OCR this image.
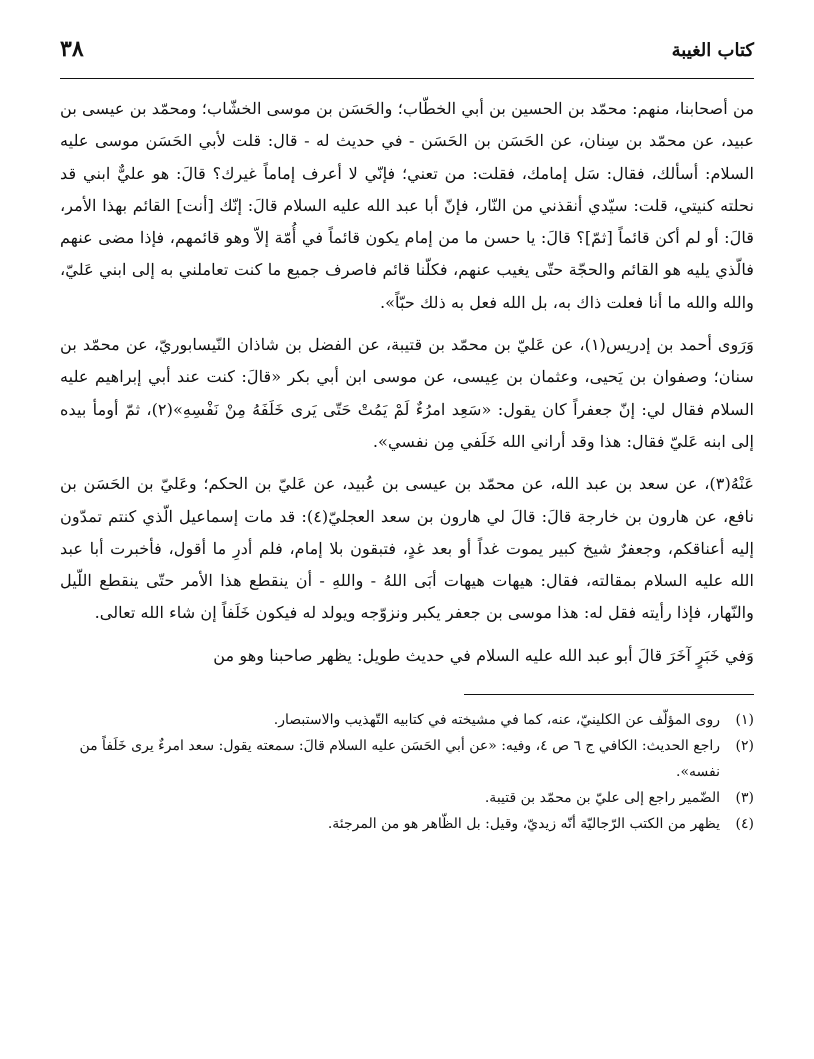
٣٨	كتاب الغيبة

من أصحابنا، منهم: محمّد بن الحسين بن أبي الخطّاب؛ والحَسَن بن موسى الخشّاب؛ ومحمّد بن عيسى بن عبيد، عن محمّد بن سِنان، عن الحَسَن بن الحَسَن - في حديث له - قال: قلت لأبي الحَسَن موسى عليه السلام: أسألك، فقال: سَل إمامك، فقلت: من تعني؛ فإنّي لا أعرف إماماً غيرك؟ قالَ: هو عليٌّ ابني قد نحلته كنيتي، قلت: سيّدي أنقذني من النّار، فإنّ أبا عبد الله عليه السلام قالَ: إنّك [أنت] القائم بهذا الأمر، قالَ: أو لم أكن قائماً [ثمّ]؟ قالَ: يا حسن ما من إمام يكون قائماً في أُمّة إلاّ وهو قائمهم، فإذا مضى عنهم فالّذي يليه هو القائم والحجّة حتّى يغيب عنهم، فكلّنا قائم فاصرف جميع ما كنت تعاملني به إلى ابني عَليّ، والله والله ما أنا فعلت ذاك به، بل الله فعل به ذلك حبّاً».

وَرَوى أحمد بن إدريس(١)، عن عَليّ بن محمّد بن قتيبة، عن الفضل بن شاذان النّيسابوريّ، عن محمّد بن سنان؛ وصفوان بن يَحيى، وعثمان بن عِيسى، عن موسى ابن أبي بكر «قالَ: كنت عند أبي إبراهيم عليه السلام فقال لي: إنّ جعفراً كان يقول: «سَعِد امرُءٌ لَمْ يَمُتْ حَتّى يَرى خَلَفَهُ مِنْ نَفْسِهِ»(٢)، ثمّ أومأ بيده إلى ابنه عَليّ فقال: هذا وقد أراني الله خَلَفي مِن نفسي».

عَنْهُ(٣)، عن سعد بن عبد الله، عن محمّد بن عيسى بن عُبيد، عن عَليّ بن الحكم؛ وعَليّ بن الحَسَن بن نافع، عن هارون بن خارجة قالَ: قالَ لي هارون بن سعد العجليّ(٤): قد مات إسماعيل الّذي كنتم تمدّون إليه أعناقكم، وجعفرٌ شيخ كبير يموت غداً أو بعد غدٍ، فتبقون بلا إمام، فلم أدرِ ما أقول، فأخبرت أبا عبد الله عليه السلام بمقالته، فقال: هيهات هيهات أبَى اللهُ - واللهِ - أن ينقطع هذا الأمر حتّى ينقطع اللّيل والنّهار، فإذا رأيته فقل له: هذا موسى بن جعفر يكبر ونزوّجه ويولد له فيكون خَلَفاً إن شاء الله تعالى.

وَفي خَبَرٍ آخَرَ قالَ أبو عبد الله عليه السلام في حديث طويل: يظهر صاحبنا وهو من

(١)
روى المؤلّف عن الكلينيّ، عنه، كما في مشيخته في كتابيه التّهذيب والاستبصار.
(٢)
راجع الحديث: الكافي ج ٦ ص ٤، وفيه: «عن أبي الحَسَن عليه السلام قالَ: سمعته يقول: سعد امرءٌ يرى خَلَفاً من نفسه».
(٣)
الضّمير راجع إلى عليّ بن محمّد بن قتيبة.
(٤)
يظهر من الكتب الرّجاليّة أنّه زيديّ، وقيل: بل الظّاهر هو من المرجئة.
